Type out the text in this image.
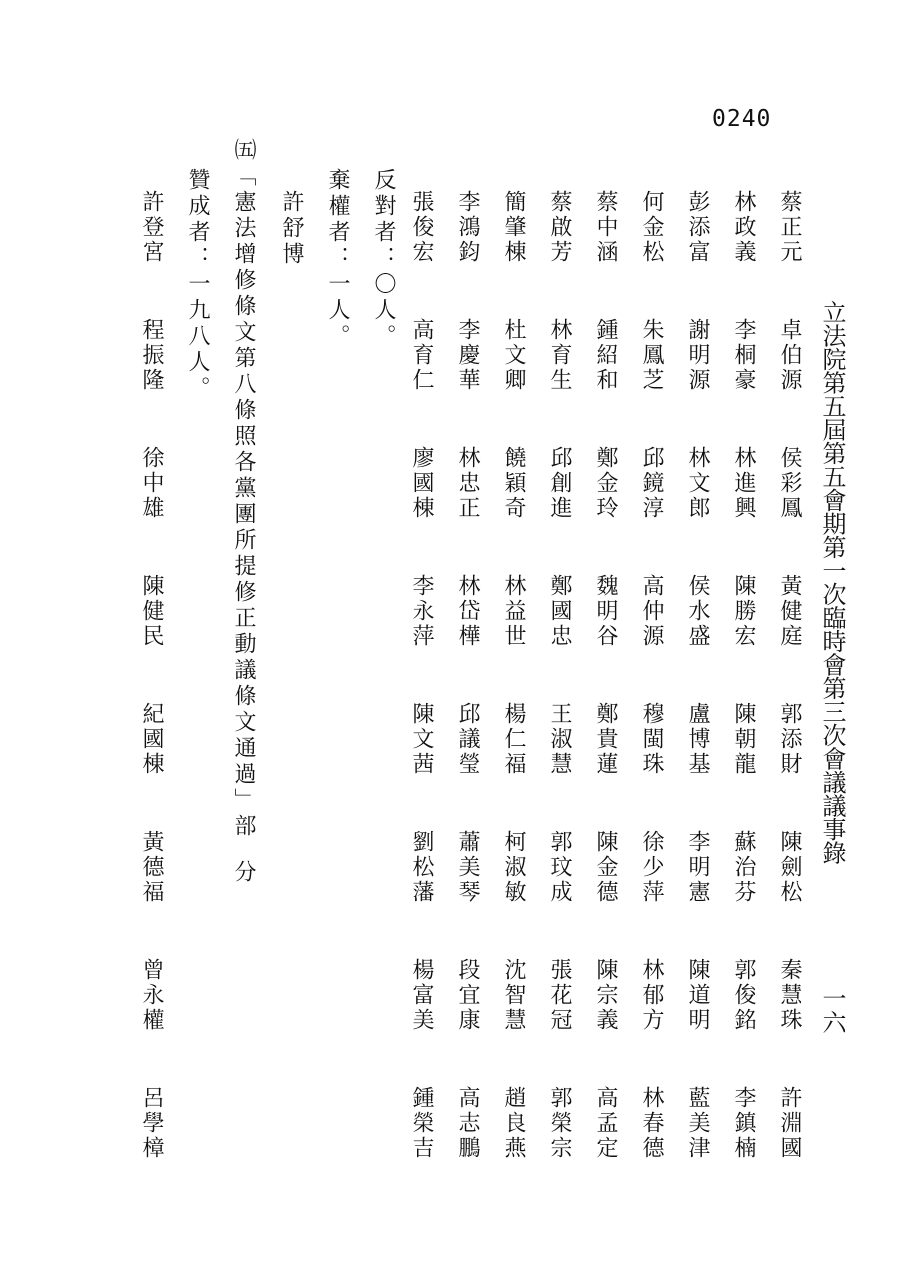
0240
立法院第五屆第五會期第一次臨時會第三次會議議事錄
一六
蔡正元
卓伯源
侯彩鳳
黃健庭
郭添財
陳劍松
秦慧珠
許淵國
林政義
李桐豪
林進興
陳勝宏
陳朝龍
蘇治芬
郭俊銘
李鎮楠
彭添富
謝明源
林文郎
侯水盛
盧博基
李明憲
陳道明
藍美津
何金松
朱鳳芝
邱鏡淳
高仲源
穆閩珠
徐少萍
林郁方
林春德
蔡中涵
鍾紹和
鄭金玲
魏明谷
鄭貴蓮
陳金德
陳宗義
高孟定
蔡啟芳
林育生
邱創進
鄭國忠
王淑慧
郭玟成
張花冠
郭榮宗
簡肇棟
杜文卿
饒穎奇
林益世
楊仁福
柯淑敏
沈智慧
趙良燕
李鴻鈞
李慶華
林忠正
林岱樺
邱議瑩
蕭美琴
段宜康
高志鵬
張俊宏
高育仁
廖國棟
李永萍
陳文茜
劉松藩
楊富美
鍾榮吉
反對者：〇人。
棄權者：一人。
許舒博
㈤「憲法增修條文第八條照各黨團所提修正動議條文通過」部
分
贊成者：一九八人。
許登宮
程振隆
徐中雄
陳健民
紀國棟
黃德福
曾永權
呂學樟
